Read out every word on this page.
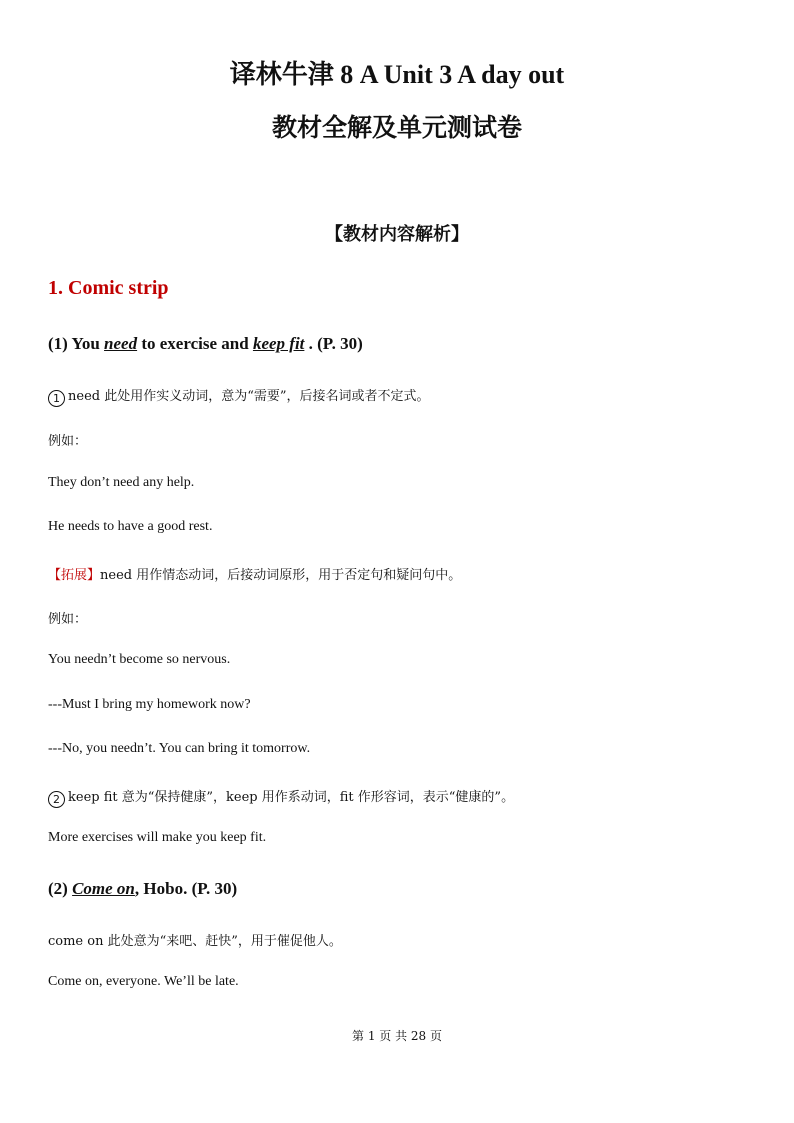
译林牛津 8 A Unit 3 A day out
教材全解及单元测试卷
【教材内容解析】
1. Comic strip
(1) You need to exercise and keep fit . (P. 30)
1 need 此处用作实义动词，意为“需要”，后接名词或者不定式。
例如：
They don’t need any help.
He needs to have a good rest.
【拓展】need 用作情态动词，后接动词原形，用于否定句和疑问句中。
例如：
You needn’t become so nervous.
---Must I bring my homework now?
---No, you needn’t. You can bring it tomorrow.
2 keep fit 意为“保持健康”，keep 用作系动词，fit 作形容词，表示“健康的”。
More exercises will make you keep fit.
(2) Come on, Hobo. (P. 30)
come on 此处意为“来吧、赶快”，用于催促他人。
Come on, everyone. We’ll be late.
第 1 页 共 28 页
